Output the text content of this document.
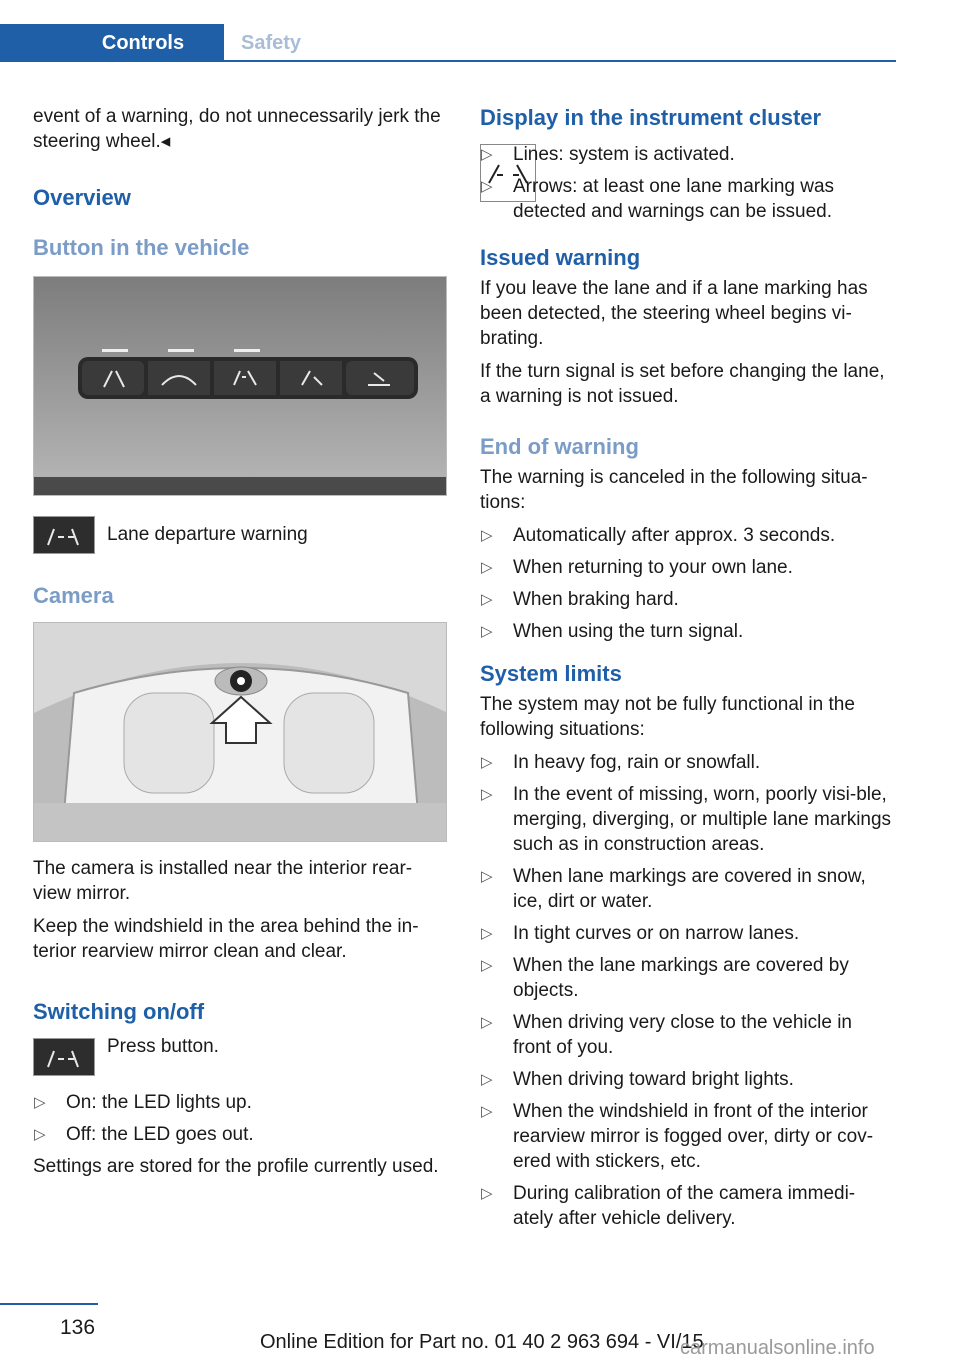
Controls	Safety

event of a warning, do not unnecessarily jerk the steering wheel.◂

Overview
Button in the vehicle

Lane departure warning

Camera

The camera is installed near the interior rear-view mirror.

Keep the windshield in the area behind the in-terior rearview mirror clean and clear.

Switching on/off

Press button.

▷ On: the LED lights up.
▷ Off: the LED goes out.

Settings are stored for the profile currently used.

Display in the instrument cluster
▷ Lines: system is activated.
▷ Arrows: at least one lane marking was detected and warnings can be issued.
Issued warning

If you leave the lane and if a lane marking has been detected, the steering wheel begins vi-brating.

If the turn signal is set before changing the lane, a warning is not issued.

End of warning

The warning is canceled in the following situa-tions:

▷ Automatically after approx. 3 seconds.
▷ When returning to your own lane.
▷ When braking hard.
▷ When using the turn signal.
System limits

The system may not be fully functional in the following situations:

▷ In heavy fog, rain or snowfall.
▷ In the event of missing, worn, poorly visi-ble, merging, diverging, or multiple lane markings such as in construction areas.
▷ When lane markings are covered in snow, ice, dirt or water.
▷ In tight curves or on narrow lanes.
▷ When the lane markings are covered by objects.
▷ When driving very close to the vehicle in front of you.
▷ When driving toward bright lights.
▷ When the windshield in front of the interior rearview mirror is fogged over, dirty or cov-ered with stickers, etc.
▷ During calibration of the camera immedi-ately after vehicle delivery.
136
Online Edition for Part no. 01 40 2 963 694 - VI/15
carmanualsonline.info
